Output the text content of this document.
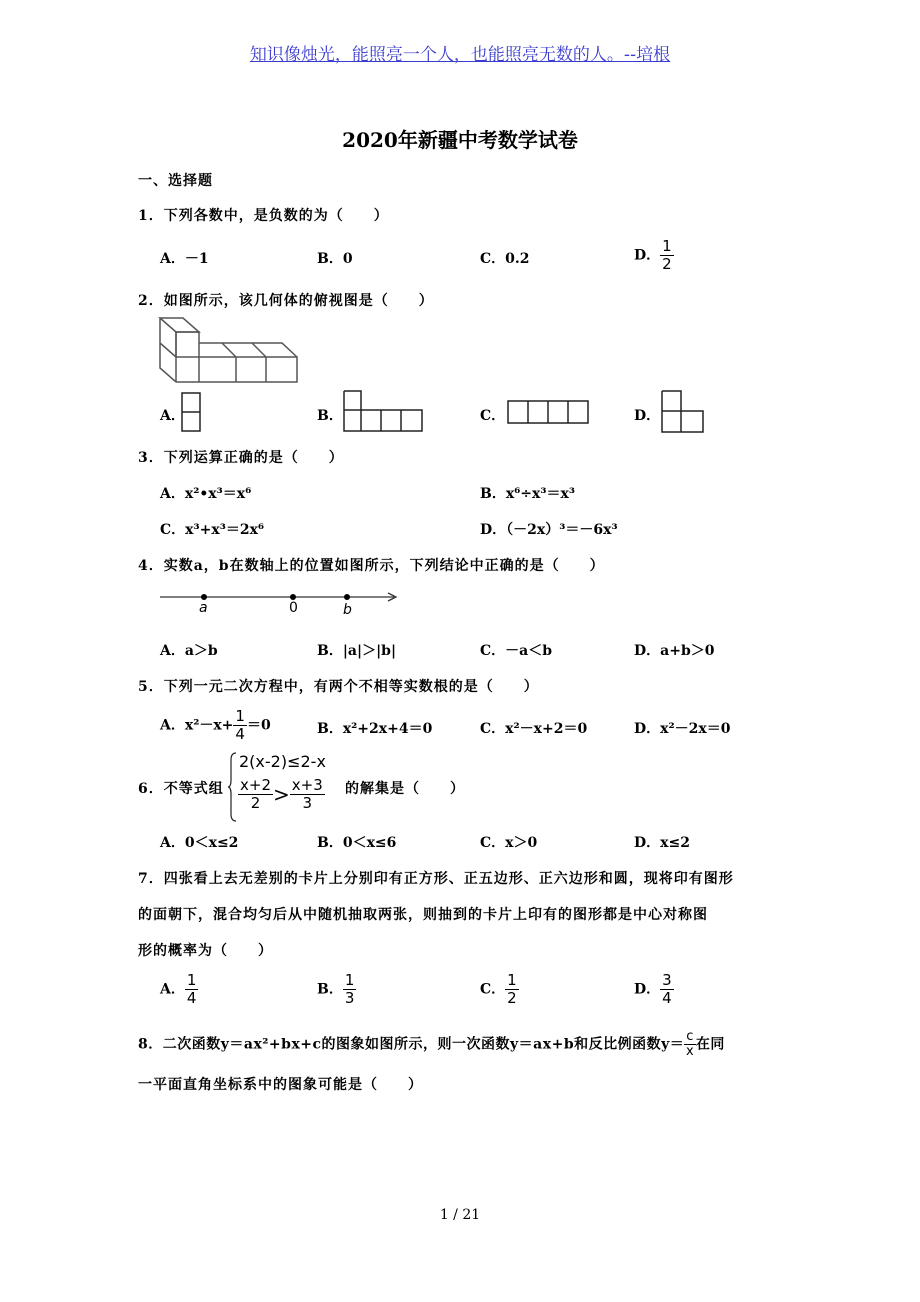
知识像烛光，能照亮一个人，也能照亮无数的人。--培根
2020年新疆中考数学试卷
一、选择题
1．下列各数中，是负数的为（　　）
A．－1	B．0	C．0.2	D． $\frac{1}{2}$
2．如图所示，该几何体的俯视图是（　　）
A．	B．	C．	D．
3．下列运算正确的是（　　）
A．x²•x³＝x⁶	B．x⁶÷x³＝x³
C．x³+x³＝2x⁶	D．（－2x）³＝－6x³
4．实数a，b在数轴上的位置如图所示，下列结论中正确的是（　　）
a	0	b
A．a＞b	B．|a|＞|b|	C．－a＜b	D．a+b＞0
5．下列一元二次方程中，有两个不相等实数根的是（　　）
A．$x^2-x+ \frac{1}{4} =0$	B．x²+2x+4＝0	C．x²－x+2＝0	D．x²－2x＝0
6．不等式组
2(x-2)≤2-x
$\frac{x+2}{2} > \frac{x+3}{3}$ 的解集是（　　）
A．0＜x≤2	B．0＜x≤6	C．x＞0	D．x≤2
7．四张看上去无差别的卡片上分别印有正方形、正五边形、正六边形和圆，现将印有图形
的面朝下，混合均匀后从中随机抽取两张，则抽到的卡片上印有的图形都是中心对称图
形的概率为（　　）
A． $\frac{1}{4}$	B． $\frac{1}{3}$	C． $\frac{1}{2}$	D． $\frac{3}{4}$
8．二次函数y＝ax²+bx+c的图象如图所示，则一次函数y＝ax+b和反比例函数$y= \frac{c}{x}$ 在同
一平面直角坐标系中的图象可能是（　　）
1 / 21
